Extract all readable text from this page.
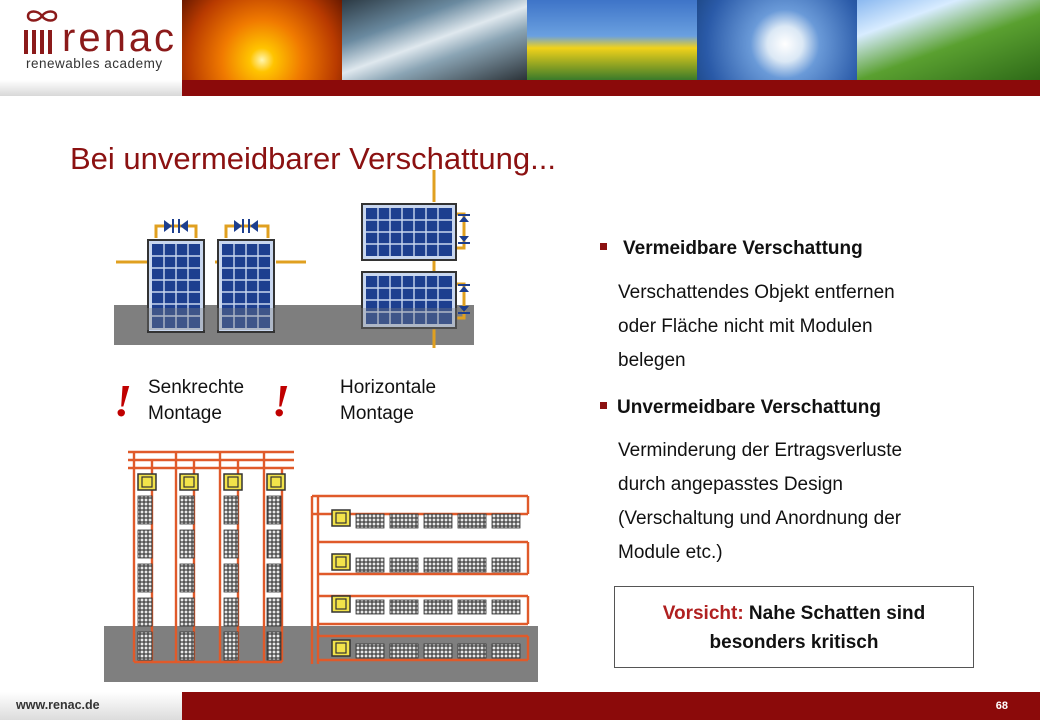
renac
renewables academy
Bei unvermeidbarer Verschattung...
! Senkrechte
Montage !	Horizontale
Montage
Vermeidbare Verschattung
Verschattendes Objekt entfernen
oder Fläche nicht mit Modulen
belegen
Unvermeidbare Verschattung
Verminderung der Ertragsverluste
durch angepasstes Design
(Verschaltung und Anordnung der
Module etc.)
Vorsicht: Nahe Schatten sind
besonders kritisch
www.renac.de	68
